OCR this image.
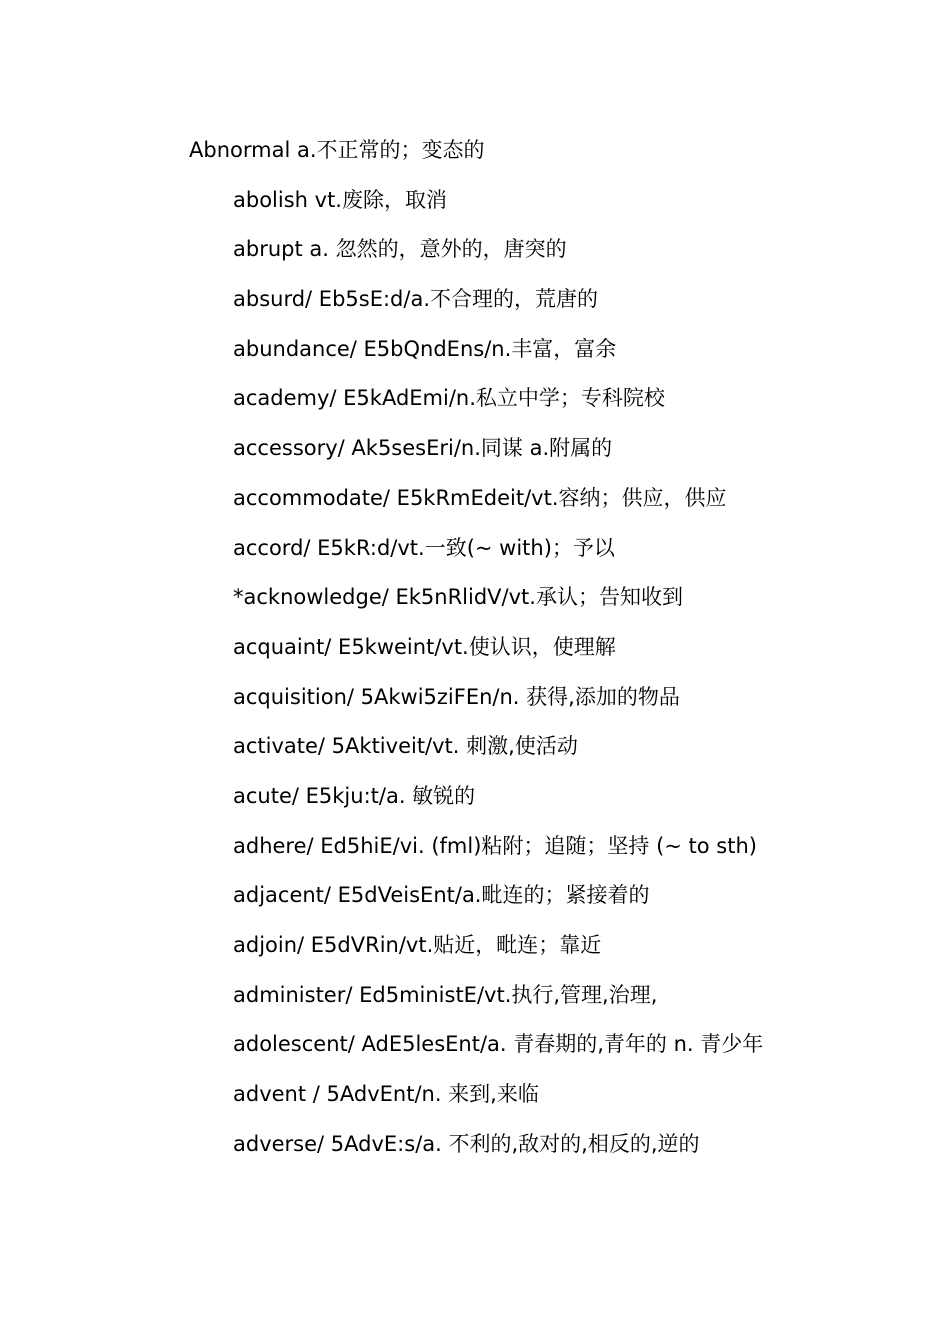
Abnormal a.不正常的；变态的
abolish vt.废除，取消
abrupt a. 忽然的，意外的，唐突的
absurd/ Eb5sE:d/a.不合理的，荒唐的
abundance/ E5bQndEns/n.丰富，富余
academy/ E5kAdEmi/n.私立中学；专科院校
accessory/ Ak5sesEri/n.同谋 a.附属的
accommodate/ E5kRmEdeit/vt.容纳；供应，供应
accord/ E5kR:d/vt.一致(~ with)；予以
*acknowledge/ Ek5nRlidV/vt.承认；告知收到
acquaint/ E5kweint/vt.使认识，使理解
acquisition/ 5Akwi5ziFEn/n. 获得,添加的物品
activate/ 5Aktiveit/vt. 刺激,使活动
acute/ E5kju:t/a. 敏锐的
adhere/ Ed5hiE/vi. (fml)粘附；追随；坚持 (~ to sth)
adjacent/ E5dVeisEnt/a.毗连的；紧接着的
adjoin/ E5dVRin/vt.贴近，毗连；靠近
administer/ Ed5ministE/vt.执行,管理,治理,
adolescent/ AdE5lesEnt/a. 青春期的,青年的 n. 青少年
advent / 5AdvEnt/n. 来到,来临
adverse/ 5AdvE:s/a. 不利的,敌对的,相反的,逆的
